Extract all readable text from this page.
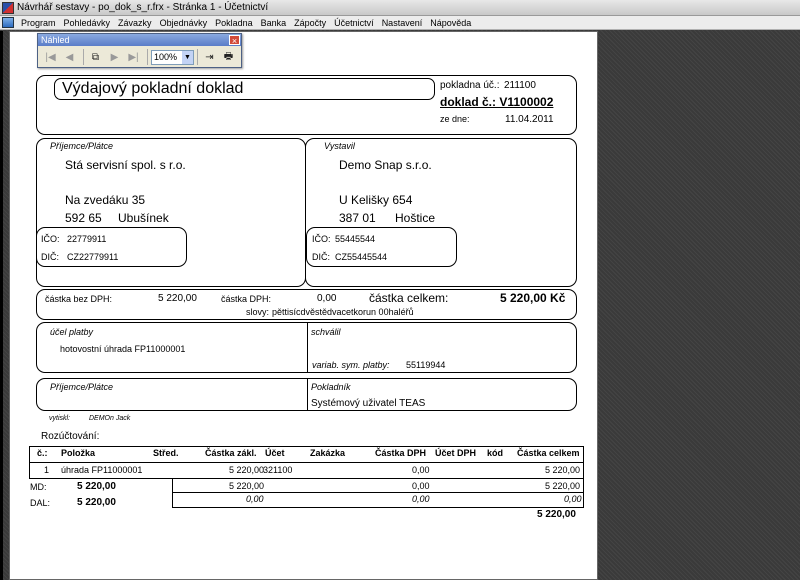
Návrhář sestavy - po_dok_s_r.frx - Stránka 1 - Účetnictví
Program Pohledávky Závazky Objednávky Pokladna Banka Zápočty Účetnictví Nastavení Nápověda
Výdajový pokladní doklad	pokladna úč.: 211100
doklad č.: V1100002
ze dne:	11.04.2011
Příjemce/Plátce
Stá servisní spol. s r.o.
Na zvedáku 35
592 65 Ubušínek
IČO: 22779911
DIČ: CZ22779911
Vystavil
Demo Snap s.r.o.
U Kelišky 654
387 01 Hoštice
IČO: 55445544
DIČ: CZ55445544
částka bez DPH:	5 220,00	částka DPH:	0,00	částka celkem:	5 220,00 Kč
slovy: pěttisícdvěstědvacetkorun 00haléřů
účel platby
hotovostní úhrada FP11000001
schválil
variab. sym. platby: 55119944
Příjemce/Plátce	Pokladník
Systémový uživatel TEAS
vytiskl:	DEMOn Jack
Rozúčtování:
č.: Položka	Střed.	Částka zákl. Účet	Zakázka	Částka DPH Účet DPH kód Částka celkem
1 úhrada FP11000001	5 220,00
321100	0,00	5 220,00
MD:	5 220,00
DAL:	5 220,00
5 220,00	0,00	5 220,00
0,00	0,00	0,00
5 220,00
Náhled	×
|◀	◀	⧉	▶	▶|	100% ▼	⇥	🖶
